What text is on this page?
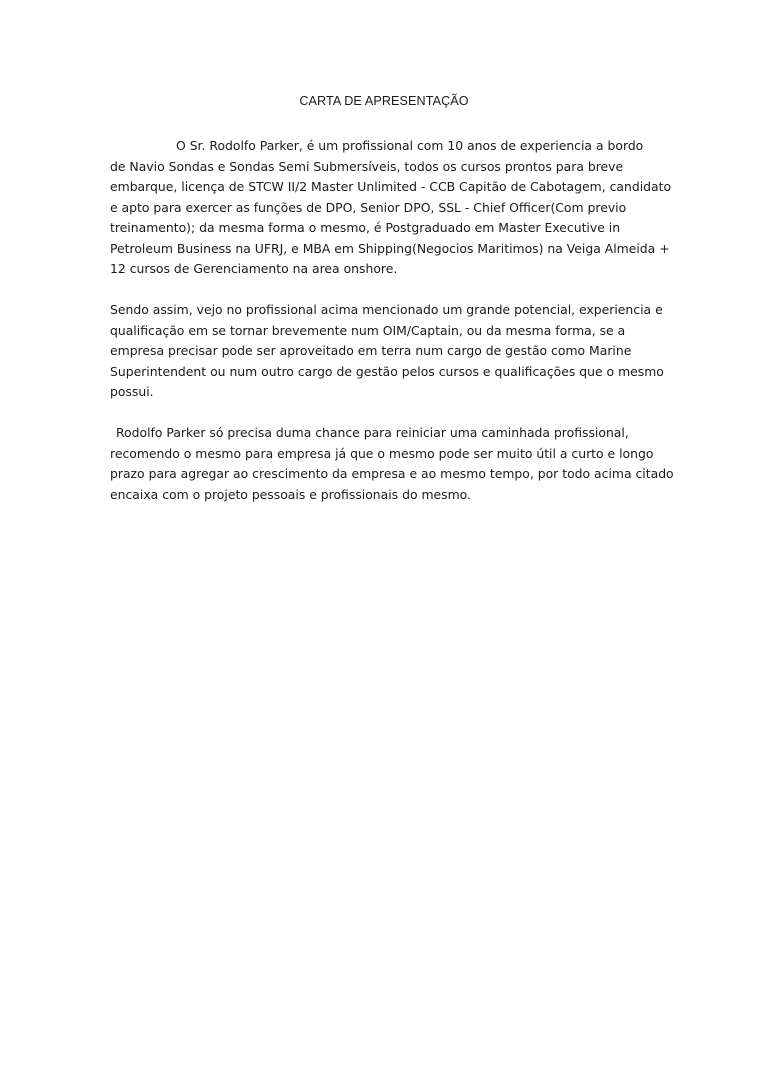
CARTA DE APRESENTAÇÃO
O Sr. Rodolfo Parker, é um profissional com 10 anos de experiencia a bordo
de Navio Sondas e Sondas Semi Submersíveis, todos os cursos prontos para breve
embarque, licença de STCW II/2 Master Unlimited - CCB Capitão de Cabotagem, candidato
e apto para exercer as funções de DPO, Senior DPO, SSL - Chief Officer(Com previo
treinamento); da mesma forma o mesmo, é Postgraduado em Master Executive in
Petroleum Business na UFRJ, e MBA em Shipping(Negocios Maritimos) na Veiga Almeida +
12 cursos de Gerenciamento na area onshore.
Sendo assim, vejo no profissional acima mencionado um grande potencial, experiencia e
qualificação em se tornar brevemente num OIM/Captain, ou da mesma forma, se a
empresa precisar pode ser aproveitado em terra num cargo de gestão como Marine
Superintendent ou num outro cargo de gestão pelos cursos e qualificações que o mesmo
possui.
Rodolfo Parker só precisa duma chance para reiniciar uma caminhada profissional,
recomendo o mesmo para empresa já que o mesmo pode ser muito útil a curto e longo
prazo para agregar ao crescimento da empresa e ao mesmo tempo, por todo acima citado
encaixa com o projeto pessoais e profissionais do mesmo.
